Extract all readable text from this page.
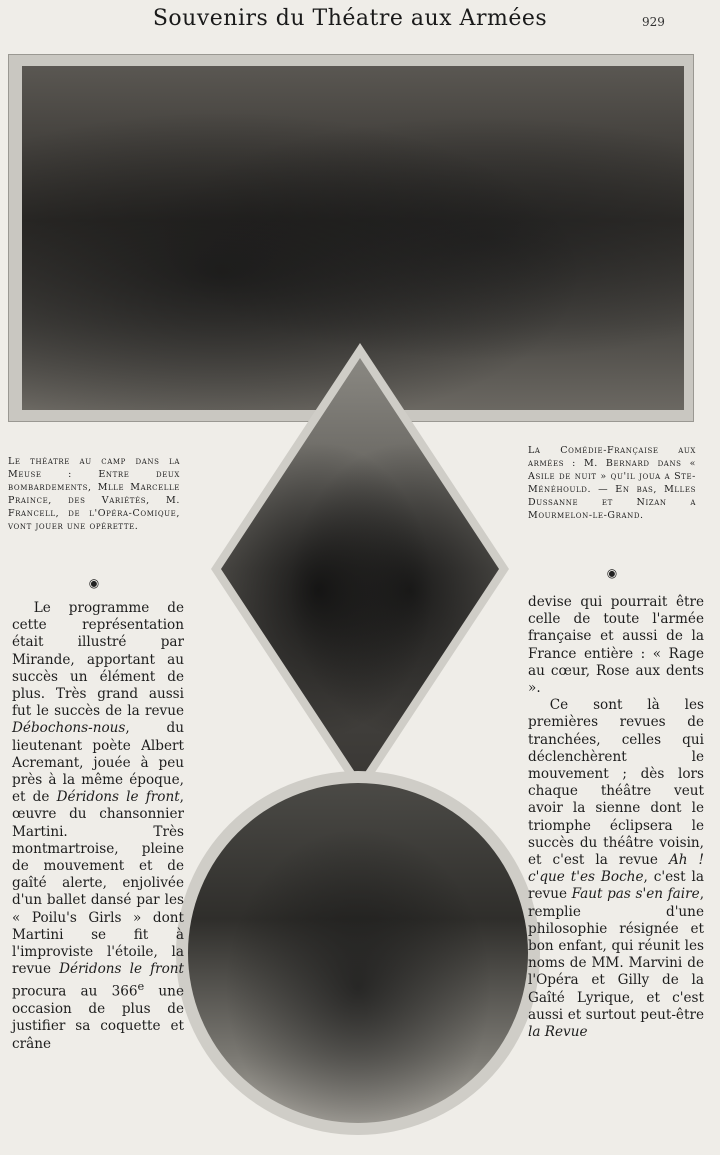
Souvenirs du Théatre aux Armées	929
Le théatre au camp dans la Meuse : Entre deux bombardements, Mlle Marcelle Praince, des Variétés, M. Francell, de l'Opéra-Comique, vont jouer une opérette.
◉
La Comédie-Française aux armées : M. Bernard dans « Asile de nuit » qu'il joua a Ste-Ménéhould. — En bas, Mlles Dussanne et Nizan a Mourmelon-le-Grand.
◉

Le programme de cette représentation était illustré par Mirande, apportant au succès un élément de plus. Très grand aussi fut le succès de la revue Débochons-nous, du lieutenant poète Albert Acremant, jouée à peu près à la même époque, et de Déridons le front, œuvre du chansonnier Martini. Très montmartroise, pleine de mouvement et de gaîté alerte, enjolivée d'un ballet dansé par les « Poilu's Girls » dont Martini se fit à l'improviste l'étoile, la revue Déridons le front procura au 366e une occasion de plus de justifier sa coquette et crâne

devise qui pourrait être celle de toute l'armée française et aussi de la France entière : « Rage au cœur, Rose aux dents ».

Ce sont là les premières revues de tranchées, celles qui déclenchèrent le mouvement ; dès lors chaque théâtre veut avoir la sienne dont le triomphe éclipsera le succès du théâtre voisin, et c'est la revue Ah ! c'que t'es Boche, c'est la revue Faut pas s'en faire, remplie d'une philosophie résignée et bon enfant, qui réunit les noms de MM. Marvini de l'Opéra et Gilly de la Gaîté Lyrique, et c'est aussi et surtout peut-être la Revue
